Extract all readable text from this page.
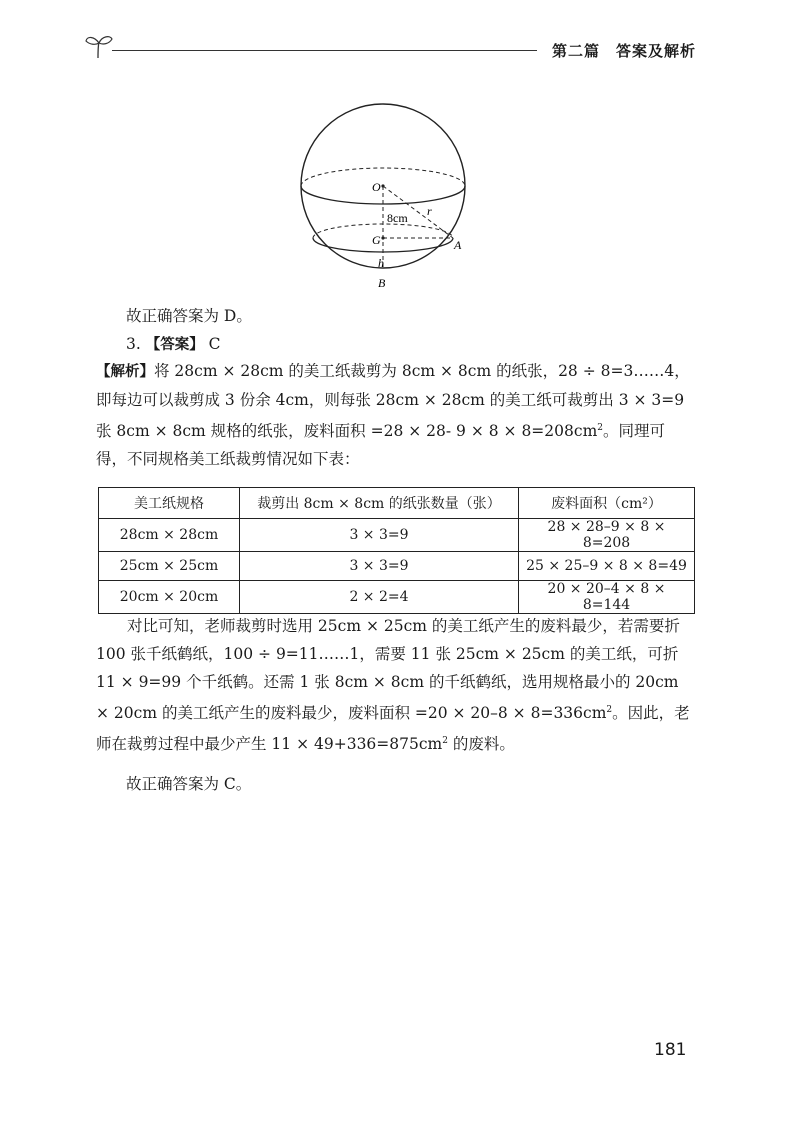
第二篇　答案及解析
O
r
8cm
G	A
h
B
故正确答案为 D。
3. 【答案】 C
【解析】将 28cm × 28cm 的美工纸裁剪为 8cm × 8cm 的纸张，28 ÷ 8=3……4，即每边可以裁剪成 3 份余 4cm，则每张 28cm × 28cm 的美工纸可裁剪出 3 × 3=9 张 8cm × 8cm 规格的纸张，废料面积 =28 × 28- $9 \times 8 \times 8=208cm^2$。同理可得，不同规格美工纸裁剪情况如下表：
美工纸规格	裁剪出 8cm × 8cm 的纸张数量（张）	废料面积（cm²）
28cm × 28cm	3 × 3=9	28 × 28–9 × 8 × 8=208
25cm × 25cm	3 × 3=9	25 × 25–9 × 8 × 8=49
20cm × 20cm	2 × 2=4	20 × 20–4 × 8 × 8=144
对比可知，老师裁剪时选用 25cm × 25cm 的美工纸产生的废料最少，若需要折 100 张千纸鹤纸，100 ÷ 9=11……1，需要 11 张 25cm × 25cm 的美工纸，可折 11 × 9=99 个千纸鹤。还需 1 张 8cm × 8cm 的千纸鹤纸，选用规格最小的 20cm × 20cm 的美工纸产生的废料最少，废料面积 $=20 \times 20-8 \times 8=336cm^2$。因此，老师在裁剪过程中最少产生 $11 \times 49+336=875cm^2$ 的废料。
故正确答案为 C。
181
